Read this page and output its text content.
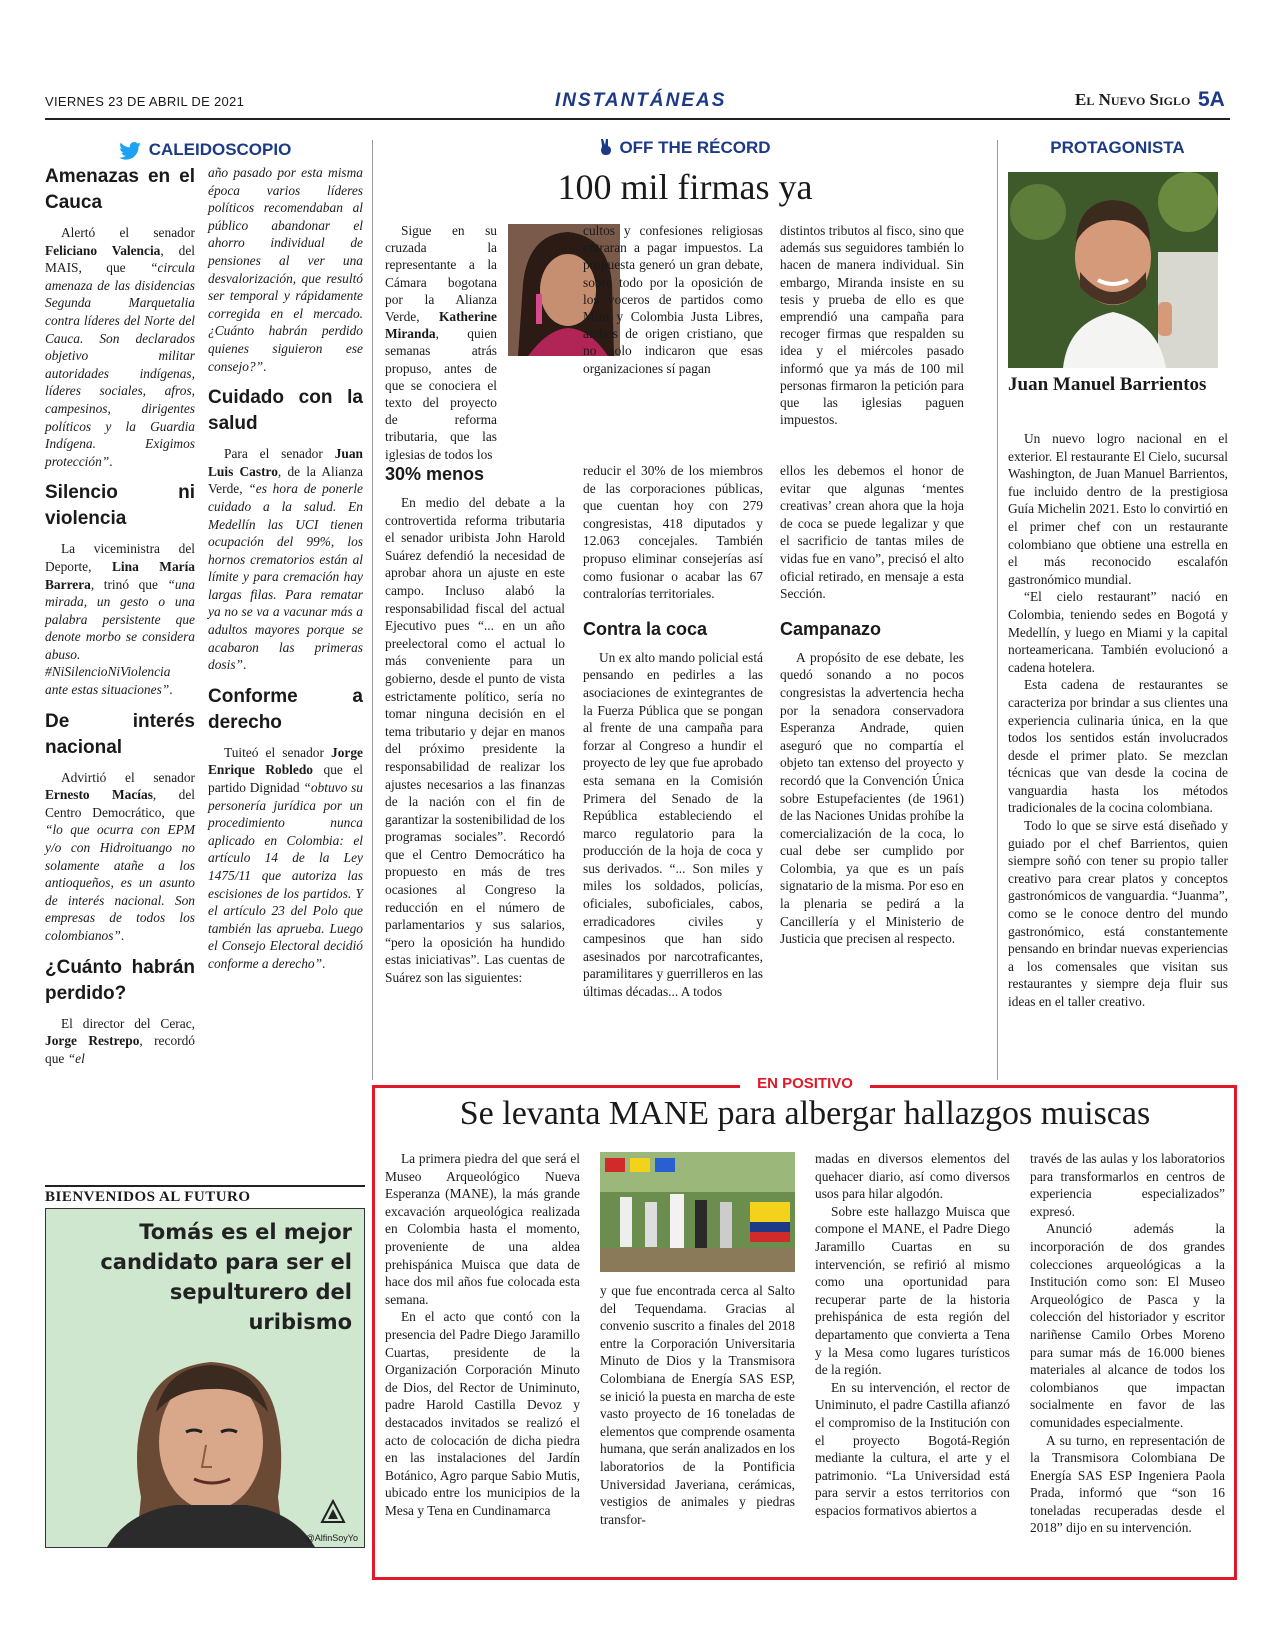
VIERNES 23 DE ABRIL DE 2021	INSTANTÁNEAS	El Nuevo Siglo 5A
CALEIDOSCOPIO
Amenazas en el Cauca

Alertó el senador Feliciano Valencia, del MAIS, que “circula amenaza de las disidencias Segunda Marquetalia contra líderes del Norte del Cauca. Son declarados objetivo militar autoridades indígenas, líderes sociales, afros, campesinos, dirigentes políticos y la Guardia Indígena. Exigimos protección”.

Silencio ni violencia

La viceministra del Deporte, Lina María Barrera, trinó que “una mirada, un gesto o una palabra persistente que denote morbo se considera abuso. #NiSilencioNiViolencia ante estas situaciones”.

De interés nacional

Advirtió el senador Ernesto Macías, del Centro Democrático, que “lo que ocurra con EPM y/o con Hidroituango no solamente atañe a los antioqueños, es un asunto de interés nacional. Son empresas de todos los colombianos”.

¿Cuánto habrán perdido?

El director del Cerac, Jorge Restrepo, recordó que “el

año pasado por esta misma época varios líderes políticos recomendaban al público abandonar el ahorro individual de pensiones al ver una desvalorización, que resultó ser temporal y rápidamente corregida en el mercado. ¿Cuánto habrán perdido quienes siguieron ese consejo?”.

Cuidado con la salud

Para el senador Juan Luis Castro, de la Alianza Verde, “es hora de ponerle cuidado a la salud. En Medellín las UCI tienen ocupación del 99%, los hornos crematorios están al límite y para cremación hay largas filas. Para rematar ya no se va a vacunar más a adultos mayores porque se acabaron las primeras dosis”.

Conforme a derecho

Tuiteó el senador Jorge Enrique Robledo que el partido Dignidad “obtuvo su personería jurídica por un procedimiento nunca aplicado en Colombia: el artículo 14 de la Ley 1475/11 que autoriza las escisiones de los partidos. Y el artículo 23 del Polo que también las aprueba. Luego el Consejo Electoral decidió conforme a derecho”.

BIENVENIDOS AL FUTURO
Tomás es el mejor candidato para ser el sepulturero del uribismo
@AlfinSoyYo
OFF THE RÉCORD
100 mil firmas ya

Sigue en su cruzada la representante a la Cámara bogotana por la Alianza Verde, Katherine Miranda, quien semanas atrás propuso, antes de que se conociera el texto del proyecto de reforma tributaria, que las iglesias de todos los

cultos y confesiones religiosas entraran a pagar impuestos. La propuesta generó un gran debate, sobre todo por la oposición de los voceros de partidos como Mira y Colombia Justa Libres, ambos de origen cristiano, que no solo indicaron que esas organizaciones sí pagan

distintos tributos al fisco, sino que además sus seguidores también lo hacen de manera individual. Sin embargo, Miranda insiste en su tesis y prueba de ello es que emprendió una campaña para recoger firmas que respalden su idea y el miércoles pasado informó que ya más de 100 mil personas firmaron la petición para que las iglesias paguen impuestos.

30% menos

En medio del debate a la controvertida reforma tributaria el senador uribista John Harold Suárez defendió la necesidad de aprobar ahora un ajuste en este campo. Incluso alabó la responsabilidad fiscal del actual Ejecutivo pues “... en un año preelectoral como el actual lo más conveniente para un gobierno, desde el punto de vista estrictamente político, sería no tomar ninguna decisión en el tema tributario y dejar en manos del próximo presidente la responsabilidad de realizar los ajustes necesarios a las finanzas de la nación con el fin de garantizar la sostenibilidad de los programas sociales”. Recordó que el Centro Democrático ha propuesto en más de tres ocasiones al Congreso la reducción en el número de parlamentarios y sus salarios, “pero la oposición ha hundido estas iniciativas”. Las cuentas de Suárez son las siguientes:

reducir el 30% de los miembros de las corporaciones públicas, que cuentan hoy con 279 congresistas, 418 diputados y 12.063 concejales. También propuso eliminar consejerías así como fusionar o acabar las 67 contralorías territoriales.

Contra la coca

Un ex alto mando policial está pensando en pedirles a las asociaciones de exintegrantes de la Fuerza Pública que se pongan al frente de una campaña para forzar al Congreso a hundir el proyecto de ley que fue aprobado esta semana en la Comisión Primera del Senado de la República estableciendo el marco regulatorio para la producción de la hoja de coca y sus derivados. “... Son miles y miles los soldados, policías, oficiales, suboficiales, cabos, erradicadores civiles y campesinos que han sido asesinados por narcotraficantes, paramilitares y guerrilleros en las últimas décadas... A todos

ellos les debemos el honor de evitar que algunas ‘mentes creativas’ crean ahora que la hoja de coca se puede legalizar y que el sacrificio de tantas miles de vidas fue en vano”, precisó el alto oficial retirado, en mensaje a esta Sección.

Campanazo

A propósito de ese debate, les quedó sonando a no pocos congresistas la advertencia hecha por la senadora conservadora Esperanza Andrade, quien aseguró que no compartía el objeto tan extenso del proyecto y recordó que la Convención Única sobre Estupefacientes (de 1961) de las Naciones Unidas prohíbe la comercialización de la coca, lo cual debe ser cumplido por Colombia, ya que es un país signatario de la misma. Por eso en la plenaria se pedirá a la Cancillería y el Ministerio de Justicia que precisen al respecto.

PROTAGONISTA
Juan Manuel Barrientos

Un nuevo logro nacional en el exterior. El restaurante El Cielo, sucursal Washington, de Juan Manuel Barrientos, fue incluido dentro de la prestigiosa Guía Michelin 2021. Esto lo convirtió en el primer chef con un restaurante colombiano que obtiene una estrella en el más reconocido escalafón gastronómico mundial.

“El cielo restaurant” nació en Colombia, teniendo sedes en Bogotá y Medellín, y luego en Miami y la capital norteamericana. También evolucionó a cadena hotelera.

Esta cadena de restaurantes se caracteriza por brindar a sus clientes una experiencia culinaria única, en la que todos los sentidos están involucrados desde el primer plato. Se mezclan técnicas que van desde la cocina de vanguardia hasta los métodos tradicionales de la cocina colombiana.

Todo lo que se sirve está diseñado y guiado por el chef Barrientos, quien siempre soñó con tener su propio taller creativo para crear platos y conceptos gastronómicos de vanguardia. “Juanma”, como se le conoce dentro del mundo gastronómico, está constantemente pensando en brindar nuevas experiencias a los comensales que visitan sus restaurantes y siempre deja fluir sus ideas en el taller creativo.

EN POSITIVO
Se levanta MANE para albergar hallazgos muiscas

La primera piedra del que será el Museo Arqueológico Nueva Esperanza (MANE), la más grande excavación arqueológica realizada en Colombia hasta el momento, proveniente de una aldea prehispánica Muisca que data de hace dos mil años fue colocada esta semana.

En el acto que contó con la presencia del Padre Diego Jaramillo Cuartas, presidente de la Organización Corporación Minuto de Dios, del Rector de Uniminuto, padre Harold Castilla Devoz y destacados invitados se realizó el acto de colocación de dicha piedra en las instalaciones del Jardín Botánico, Agro parque Sabio Mutis, ubicado entre los municipios de la Mesa y Tena en Cundinamarca

y que fue encontrada cerca al Salto del Tequendama. Gracias al convenio suscrito a finales del 2018 entre la Corporación Universitaria Minuto de Dios y la Transmisora Colombiana de Energía SAS ESP, se inició la puesta en marcha de este vasto proyecto de 16 toneladas de elementos que comprende osamenta humana, que serán analizados en los laboratorios de la Pontificia Universidad Javeriana, cerámicas, vestigios de animales y piedras transfor-

madas en diversos elementos del quehacer diario, así como diversos usos para hilar algodón.

Sobre este hallazgo Muisca que compone el MANE, el Padre Diego Jaramillo Cuartas en su intervención, se refirió al mismo como una oportunidad para recuperar parte de la historia prehispánica de esta región del departamento que convierta a Tena y la Mesa como lugares turísticos de la región.

En su intervención, el rector de Uniminuto, el padre Castilla afianzó el compromiso de la Institución con el proyecto Bogotá-Región mediante la cultura, el arte y el patrimonio. “La Universidad está para servir a estos territorios con espacios formativos abiertos a

través de las aulas y los laboratorios para transformarlos en centros de experiencia especializados” expresó.

Anunció además la incorporación de dos grandes colecciones arqueológicas a la Institución como son: El Museo Arqueológico de Pasca y la colección del historiador y escritor nariñense Camilo Orbes Moreno para sumar más de 16.000 bienes materiales al alcance de todos los colombianos que impactan socialmente en favor de las comunidades especialmente.

A su turno, en representación de la Transmisora Colombiana De Energía SAS ESP Ingeniera Paola Prada, informó que “son 16 toneladas recuperadas desde el 2018” dijo en su intervención.
